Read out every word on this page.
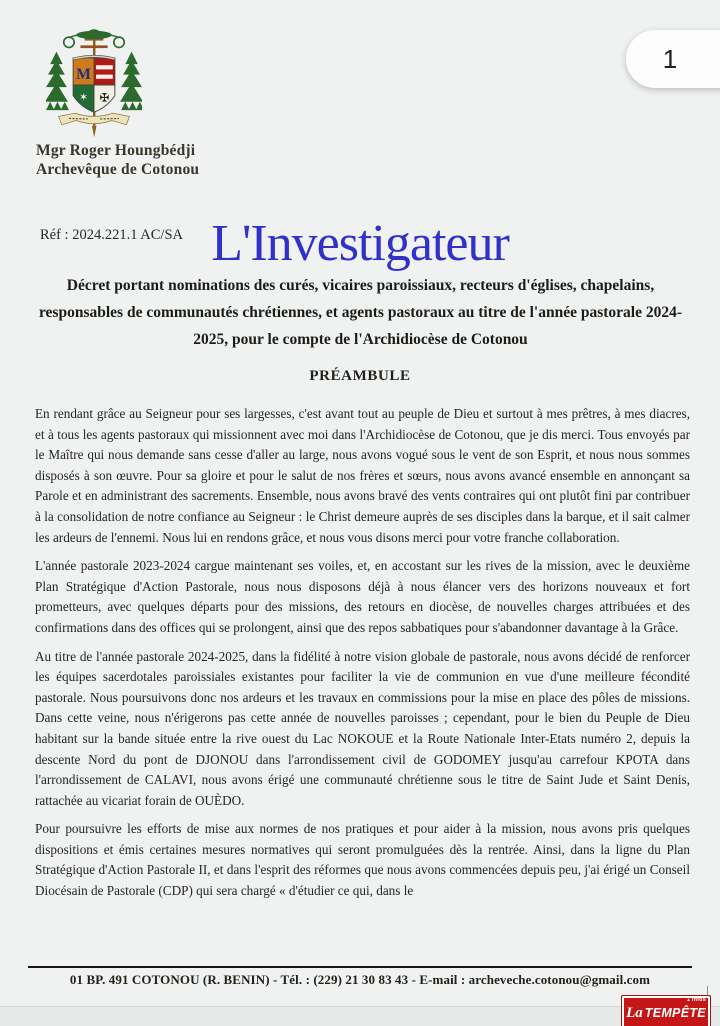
M
✶ ✠
Mgr Roger Houngbédji
Archevêque de Cotonou
1
Réf : 2024.221.1 AC/SA L'Investigateur
Décret portant nominations des curés, vicaires paroissiaux, recteurs d'églises, chapelains, responsables de communautés chrétiennes, et agents pastoraux au titre de l'année pastorale 2024-2025, pour le compte de l'Archidiocèse de Cotonou
PRÉAMBULE

En rendant grâce au Seigneur pour ses largesses, c'est avant tout au peuple de Dieu et surtout à mes prêtres, à mes diacres, et à tous les agents pastoraux qui missionnent avec moi dans l'Archidiocèse de Cotonou, que je dis merci. Tous envoyés par le Maître qui nous demande sans cesse d'aller au large, nous avons vogué sous le vent de son Esprit, et nous nous sommes disposés à son œuvre. Pour sa gloire et pour le salut de nos frères et sœurs, nous avons avancé ensemble en annonçant sa Parole et en administrant des sacrements. Ensemble, nous avons bravé des vents contraires qui ont plutôt fini par contribuer à la consolidation de notre confiance au Seigneur : le Christ demeure auprès de ses disciples dans la barque, et il sait calmer les ardeurs de l'ennemi. Nous lui en rendons grâce, et nous vous disons merci pour votre franche collaboration.

L'année pastorale 2023-2024 cargue maintenant ses voiles, et, en accostant sur les rives de la mission, avec le deuxième Plan Stratégique d'Action Pastorale, nous nous disposons déjà à nous élancer vers des horizons nouveaux et fort prometteurs, avec quelques départs pour des missions, des retours en diocèse, de nouvelles charges attribuées et des confirmations dans des offices qui se prolongent, ainsi que des repos sabbatiques pour s'abandonner davantage à la Grâce.

Au titre de l'année pastorale 2024-2025, dans la fidélité à notre vision globale de pastorale, nous avons décidé de renforcer les équipes sacerdotales paroissiales existantes pour faciliter la vie de communion en vue d'une meilleure fécondité pastorale. Nous poursuivons donc nos ardeurs et les travaux en commissions pour la mise en place des pôles de missions. Dans cette veine, nous n'érigerons pas cette année de nouvelles paroisses ; cependant, pour le bien du Peuple de Dieu habitant sur la bande située entre la rive ouest du Lac NOKOUE et la Route Nationale Inter-Etats numéro 2, depuis la descente Nord du pont de DJONOU dans l'arrondissement civil de GODOMEY jusqu'au carrefour KPOTA dans l'arrondissement de CALAVI, nous avons érigé une communauté chrétienne sous le titre de Saint Jude et Saint Denis, rattachée au vicariat forain de OUÈDO.

Pour poursuivre les efforts de mise aux normes de nos pratiques et pour aider à la mission, nous avons pris quelques dispositions et émis certaines mesures normatives qui seront promulguées dès la rentrée. Ainsi, dans la ligne du Plan Stratégique d'Action Pastorale II, et dans l'esprit des réformes que nous avons commencées depuis peu, j'ai érigé un Conseil Diocésain de Pastorale (CDP) qui sera chargé « d'étudier ce qui, dans le

01 BP. 491 COTONOU (R. BENIN) - Tél. : (229) 21 30 83 43 - E-mail : archeveche.cotonou@gmail.com
La TEMPÊTE
▲ Infos
